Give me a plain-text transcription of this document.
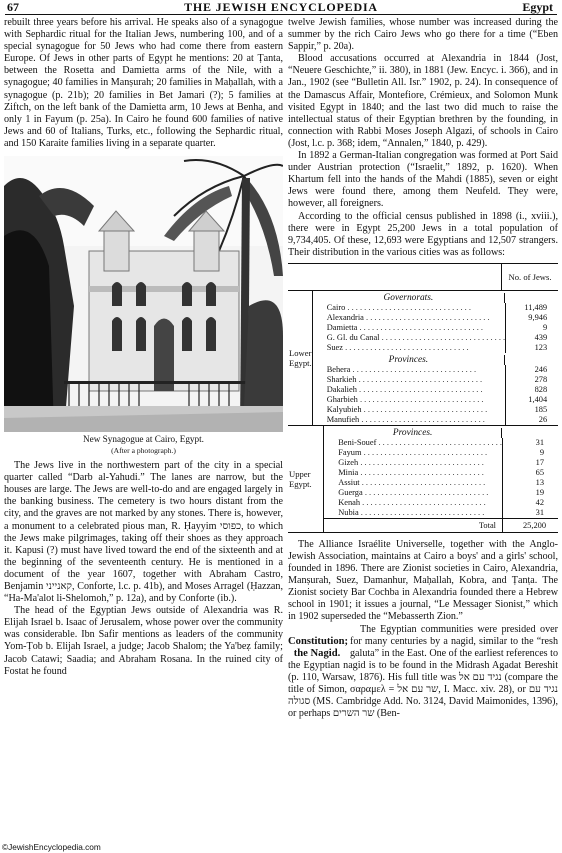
67	THE JEWISH ENCYCLOPEDIA	Egypt

rebuilt three years before his arrival. He speaks also of a synagogue with Sephardic ritual for the Italian Jews, numbering 100, and of a special synagogue for 50 Jews who had come there from eastern Europe. Of Jews in other parts of Egypt he mentions: 20 at Ṭanta, between the Rosetta and Damietta arms of the Nile, with a synagogue; 40 families in Manṣurah; 20 families in Maḥallah, with a synagogue (p. 21b); 20 families in Bet Jamari (?); 5 families at Ziftch, on the left bank of the Damietta arm, 10 Jews at Benha, and only 1 in Fayum (p. 25a). In Cairo he found 600 families of native Jews and 60 of Italians, Turks, etc., following the Sephardic ritual, and 150 Karaite families living in a separate quarter.

New Synagogue at Cairo, Egypt.
(After a photograph.)

The Jews live in the northwestern part of the city in a special quarter called “Darb al-Yahudi.” The lanes are narrow, but the houses are large. The Jews are well-to-do and are engaged largely in the banking business. The cemetery is two hours distant from the city, and the graves are not marked by any stones. There is, however, a monument to a celebrated pious man, R. Ḥayyim כפוסי, to which the Jews make pilgrimages, taking off their shoes as they approach it. Kapusi (?) must have lived toward the end of the sixteenth and at the beginning of the seventeenth century. He is mentioned in a document of the year 1607, together with Abraham Castro, Benjamin קאנייני, Conforte, l.c. p. 41b), and Moses Arragel (Ḥazzan, “Ha-Ma'alot li-Shelomoh,” p. 12a), and by Conforte (ib.).

The head of the Egyptian Jews outside of Alexandria was R. Elijah Israel b. Isaac of Jerusalem, whose power over the community was considerable. Ibn Safir mentions as leaders of the community Yom-Ṭob b. Elijah Israel, a judge; Jacob Shalom; the Ya'beẓ family; Jacob Catawi; Saadia; and Abraham Rosana. In the ruined city of Fostat he found

twelve Jewish families, whose number was increased during the summer by the rich Cairo Jews who go there for a time (“Eben Sappir,” p. 20a).

Blood accusations occurred at Alexandria in 1844 (Jost, “Neuere Geschichte,” ii. 380), in 1881 (Jew. Encyc. i. 366), and in Jan., 1902 (see “Bulletin All. Isr.” 1902, p. 24). In consequence of the Damascus Affair, Montefiore, Crémieux, and Solomon Munk visited Egypt in 1840; and the last two did much to raise the intellectual status of their Egyptian brethren by the founding, in connection with Rabbi Moses Joseph Algazi, of schools in Cairo (Jost, l.c. p. 368; idem, “Annalen,” 1840, p. 429).

In 1892 a German-Italian congregation was formed at Port Said under Austrian protection (“Israelit,” 1892, p. 1620). When Khartum fell into the hands of the Mahdi (1885), seven or eight Jews were found there, among them Neufeld. They were, however, all foreigners.

According to the official census published in 1898 (i., xviii.), there were in Egypt 25,200 Jews in a total population of 9,734,405. Of these, 12,693 were Egyptians and 12,507 strangers. Their distribution in the various cities was as follows:

No. of Jews.
Lower Egypt.
Governorats.
Cairo . . .	11,489
Alexandria . . .	9,946
Damietta . . .	9
G. Gl. du Canal . . .	439
Suez . . .	123
Provinces.
Behera . . .	246
Sharkieh . . .	278
Dakalieh . . .	828
Gharbieh . . .	1,404
Kalyubieh . . .	185
Manufieh . . .	26
Upper Egypt.
Provinces.
Beni-Souef . . .	31
Fayum . . .	9
Gizeh . . .	17
Minia . . .	65
Assiut . . .	13
Guerga . . .	19
Kenah . . .	42
Nubia . . .	31
Total	25,200

The Alliance Israélite Universelle, together with the Anglo-Jewish Association, maintains at Cairo a boys' and a girls' school, founded in 1896. There are Zionist societies in Cairo, Alexandria, Manṣurah, Suez, Damanhur, Maḥallah, Kobra, and Ṭanṭa. The Zionist society Bar Cochba in Alexandria founded there a Hebrew school in 1901; it issues a journal, “Le Messager Sionist,” which in 1902 superseded the “Mebasserth Zion.”

Constitution; the Nagid.

The Egyptian communities were presided over for many centuries by a nagid, similar to the “resh galuta” in the East. One of the earliest references to the Egyptian nagid is to be found in the Midrash Agadat Bereshit (p. 110, Warsaw, 1876). His full title was נגיד עם אל (compare the title of Simon, σαραμελ = שר עם אל, I. Macc. xiv. 28), or נגיד עם סגולה (MS. Cambridge Add. No. 3124, David Maimonides, 1396), or perhaps שר השרים (Ben-

©JewishEncyclopedia.com
